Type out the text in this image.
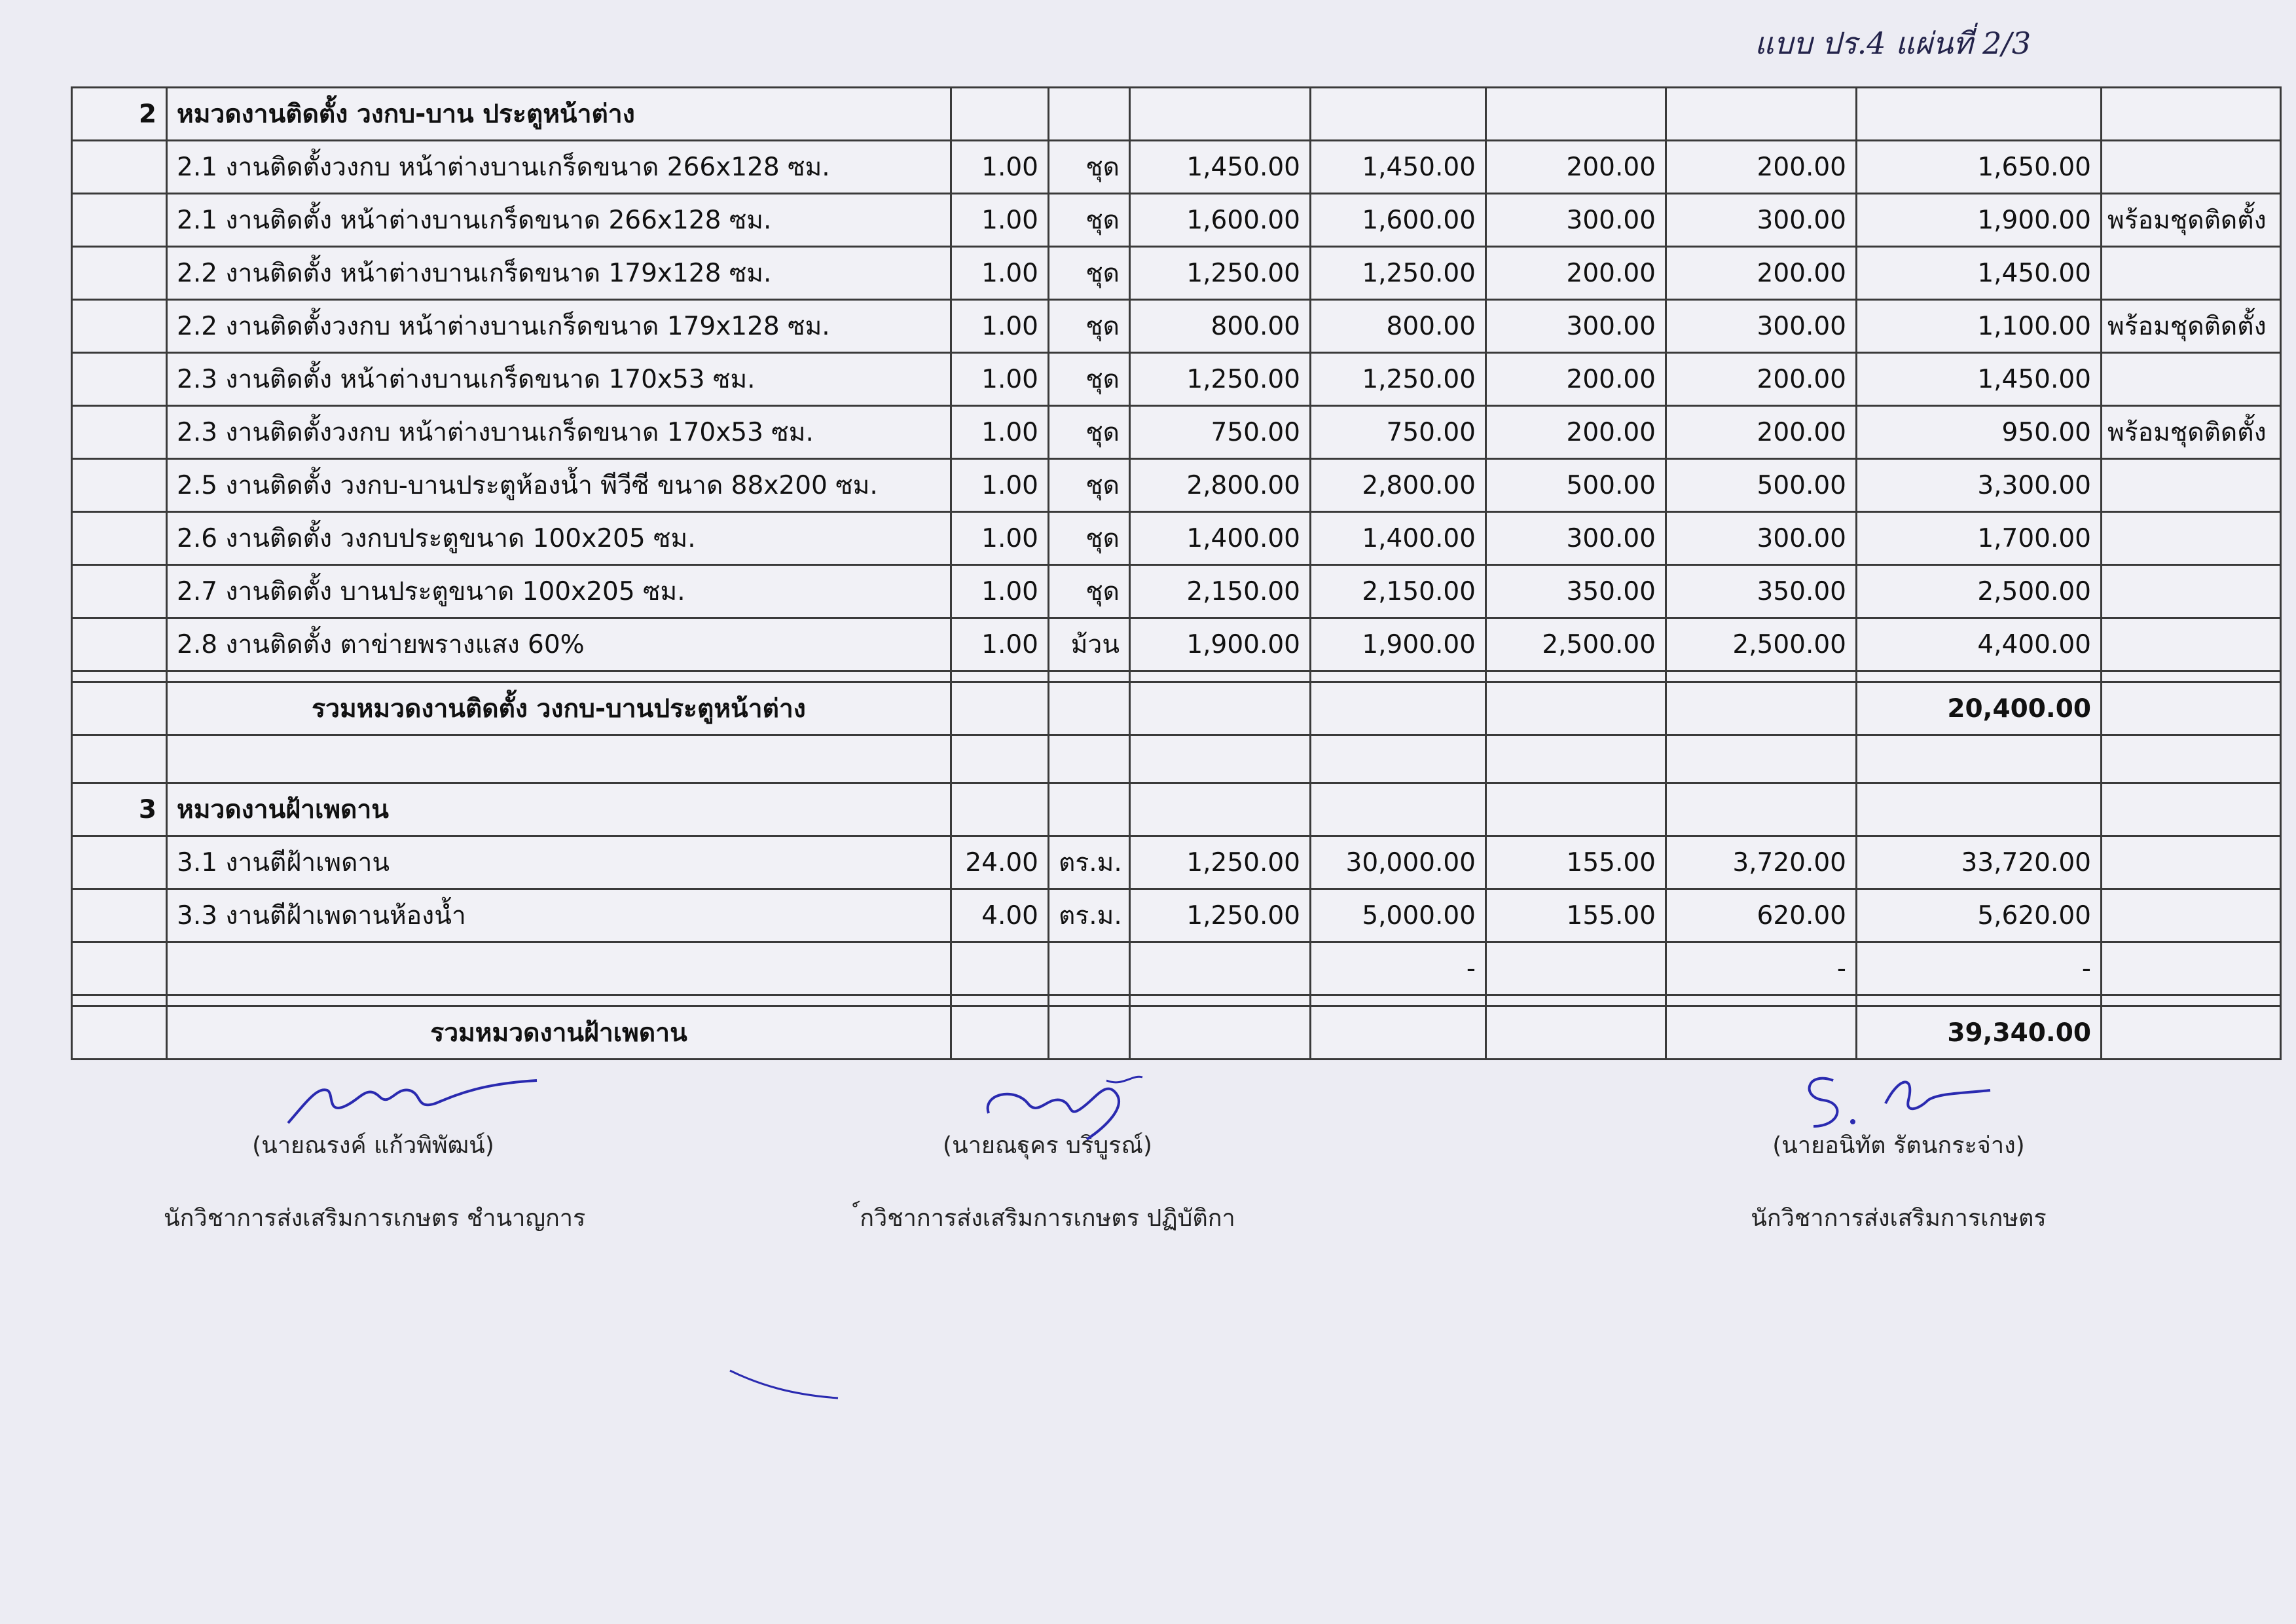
แบบ ปร.4 แผ่นที่ 2/3
2	หมวดงานติดตั้ง วงกบ-บาน ประตูหน้าต่าง								
	2.1 งานติดตั้งวงกบ หน้าต่างบานเกร็ดขนาด 266x128 ซม.	1.00	ชุด	1,450.00	1,450.00	200.00	200.00	1,650.00	
	2.1 งานติดตั้ง หน้าต่างบานเกร็ดขนาด 266x128 ซม.	1.00	ชุด	1,600.00	1,600.00	300.00	300.00	1,900.00	พร้อมชุดติดตั้ง
	2.2 งานติดตั้ง หน้าต่างบานเกร็ดขนาด 179x128 ซม.	1.00	ชุด	1,250.00	1,250.00	200.00	200.00	1,450.00	
	2.2 งานติดตั้งวงกบ หน้าต่างบานเกร็ดขนาด 179x128 ซม.	1.00	ชุด	800.00	800.00	300.00	300.00	1,100.00	พร้อมชุดติดตั้ง
	2.3 งานติดตั้ง หน้าต่างบานเกร็ดขนาด 170x53 ซม.	1.00	ชุด	1,250.00	1,250.00	200.00	200.00	1,450.00	
	2.3 งานติดตั้งวงกบ หน้าต่างบานเกร็ดขนาด 170x53 ซม.	1.00	ชุด	750.00	750.00	200.00	200.00	950.00	พร้อมชุดติดตั้ง
	2.5 งานติดตั้ง วงกบ-บานประตูห้องน้ำ พีวีซี ขนาด 88x200 ซม.	1.00	ชุด	2,800.00	2,800.00	500.00	500.00	3,300.00	
	2.6 งานติดตั้ง วงกบประตูขนาด 100x205 ซม.	1.00	ชุด	1,400.00	1,400.00	300.00	300.00	1,700.00	
	2.7 งานติดตั้ง บานประตูขนาด 100x205 ซม.	1.00	ชุด	2,150.00	2,150.00	350.00	350.00	2,500.00	
	2.8 งานติดตั้ง ตาข่ายพรางแสง 60%	1.00	ม้วน	1,900.00	1,900.00	2,500.00	2,500.00	4,400.00	

	รวมหมวดงานติดตั้ง วงกบ-บานประตูหน้าต่าง							20,400.00	

3	หมวดงานฝ้าเพดาน								
	3.1 งานตีฝ้าเพดาน	24.00	ตร.ม.	1,250.00	30,000.00	155.00	3,720.00	33,720.00	
	3.3 งานตีฝ้าเพดานห้องน้ำ	4.00	ตร.ม.	1,250.00	5,000.00	155.00	620.00	5,620.00	
					-		-	-	

	รวมหมวดงานฝ้าเพดาน							39,340.00	
(นายณรงค์ แก้วพิพัฒน์)
นักวิชาการส่งเสริมการเกษตร ชำนาญการ
(นายณฐุคร บริบูรณ์)
์กวิชาการส่งเสริมการเกษตร ปฏิบัติกา
(นายอนิทัต รัตนกระจ่าง)
นักวิชาการส่งเสริมการเกษตร
